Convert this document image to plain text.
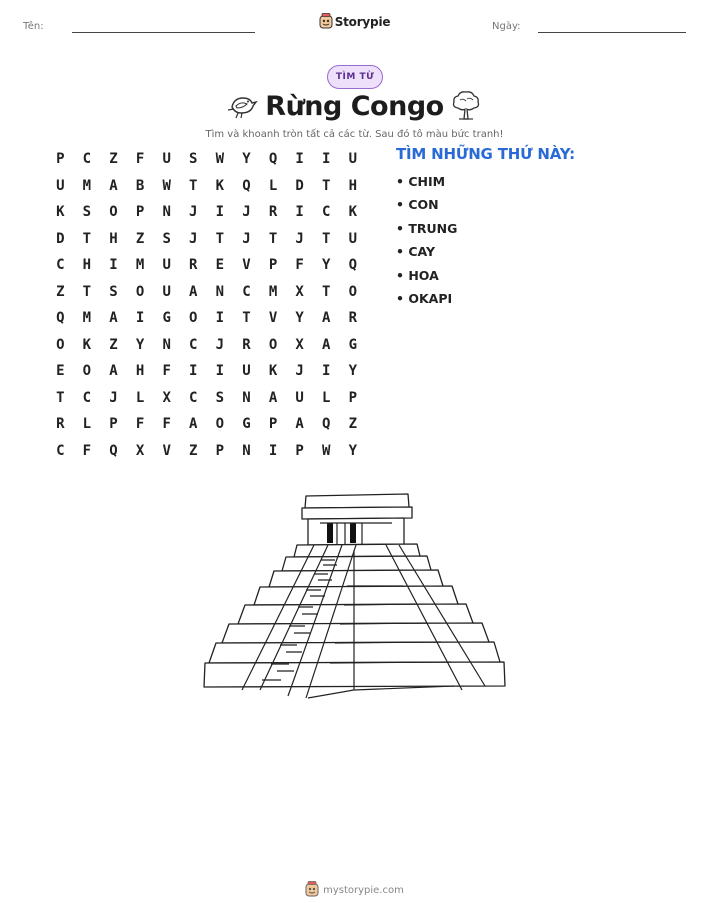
Tên:	Ngày:
Storypie
TÌM TỪ
Rừng Congo
Tìm và khoanh tròn tất cả các từ. Sau đó tô màu bức tranh!
P	C	Z	F	U	S	W	Y	Q	I	I	U
U	M	A	B	W	T	K	Q	L	D	T	H
K	S	O	P	N	J	I	J	R	I	C	K
D	T	H	Z	S	J	T	J	T	J	T	U
C	H	I	M	U	R	E	V	P	F	Y	Q
Z	T	S	O	U	A	N	C	M	X	T	O
Q	M	A	I	G	O	I	T	V	Y	A	R
O	K	Z	Y	N	C	J	R	O	X	A	G
E	O	A	H	F	I	I	U	K	J	I	Y
T	C	J	L	X	C	S	N	A	U	L	P
R	L	P	F	F	A	O	G	P	A	Q	Z
C	F	Q	X	V	Z	P	N	I	P	W	Y
TÌM NHỮNG THỨ NÀY:
• CHIM
• CON
• TRUNG
• CAY
• HOA
• OKAPI
mystorypie.com
